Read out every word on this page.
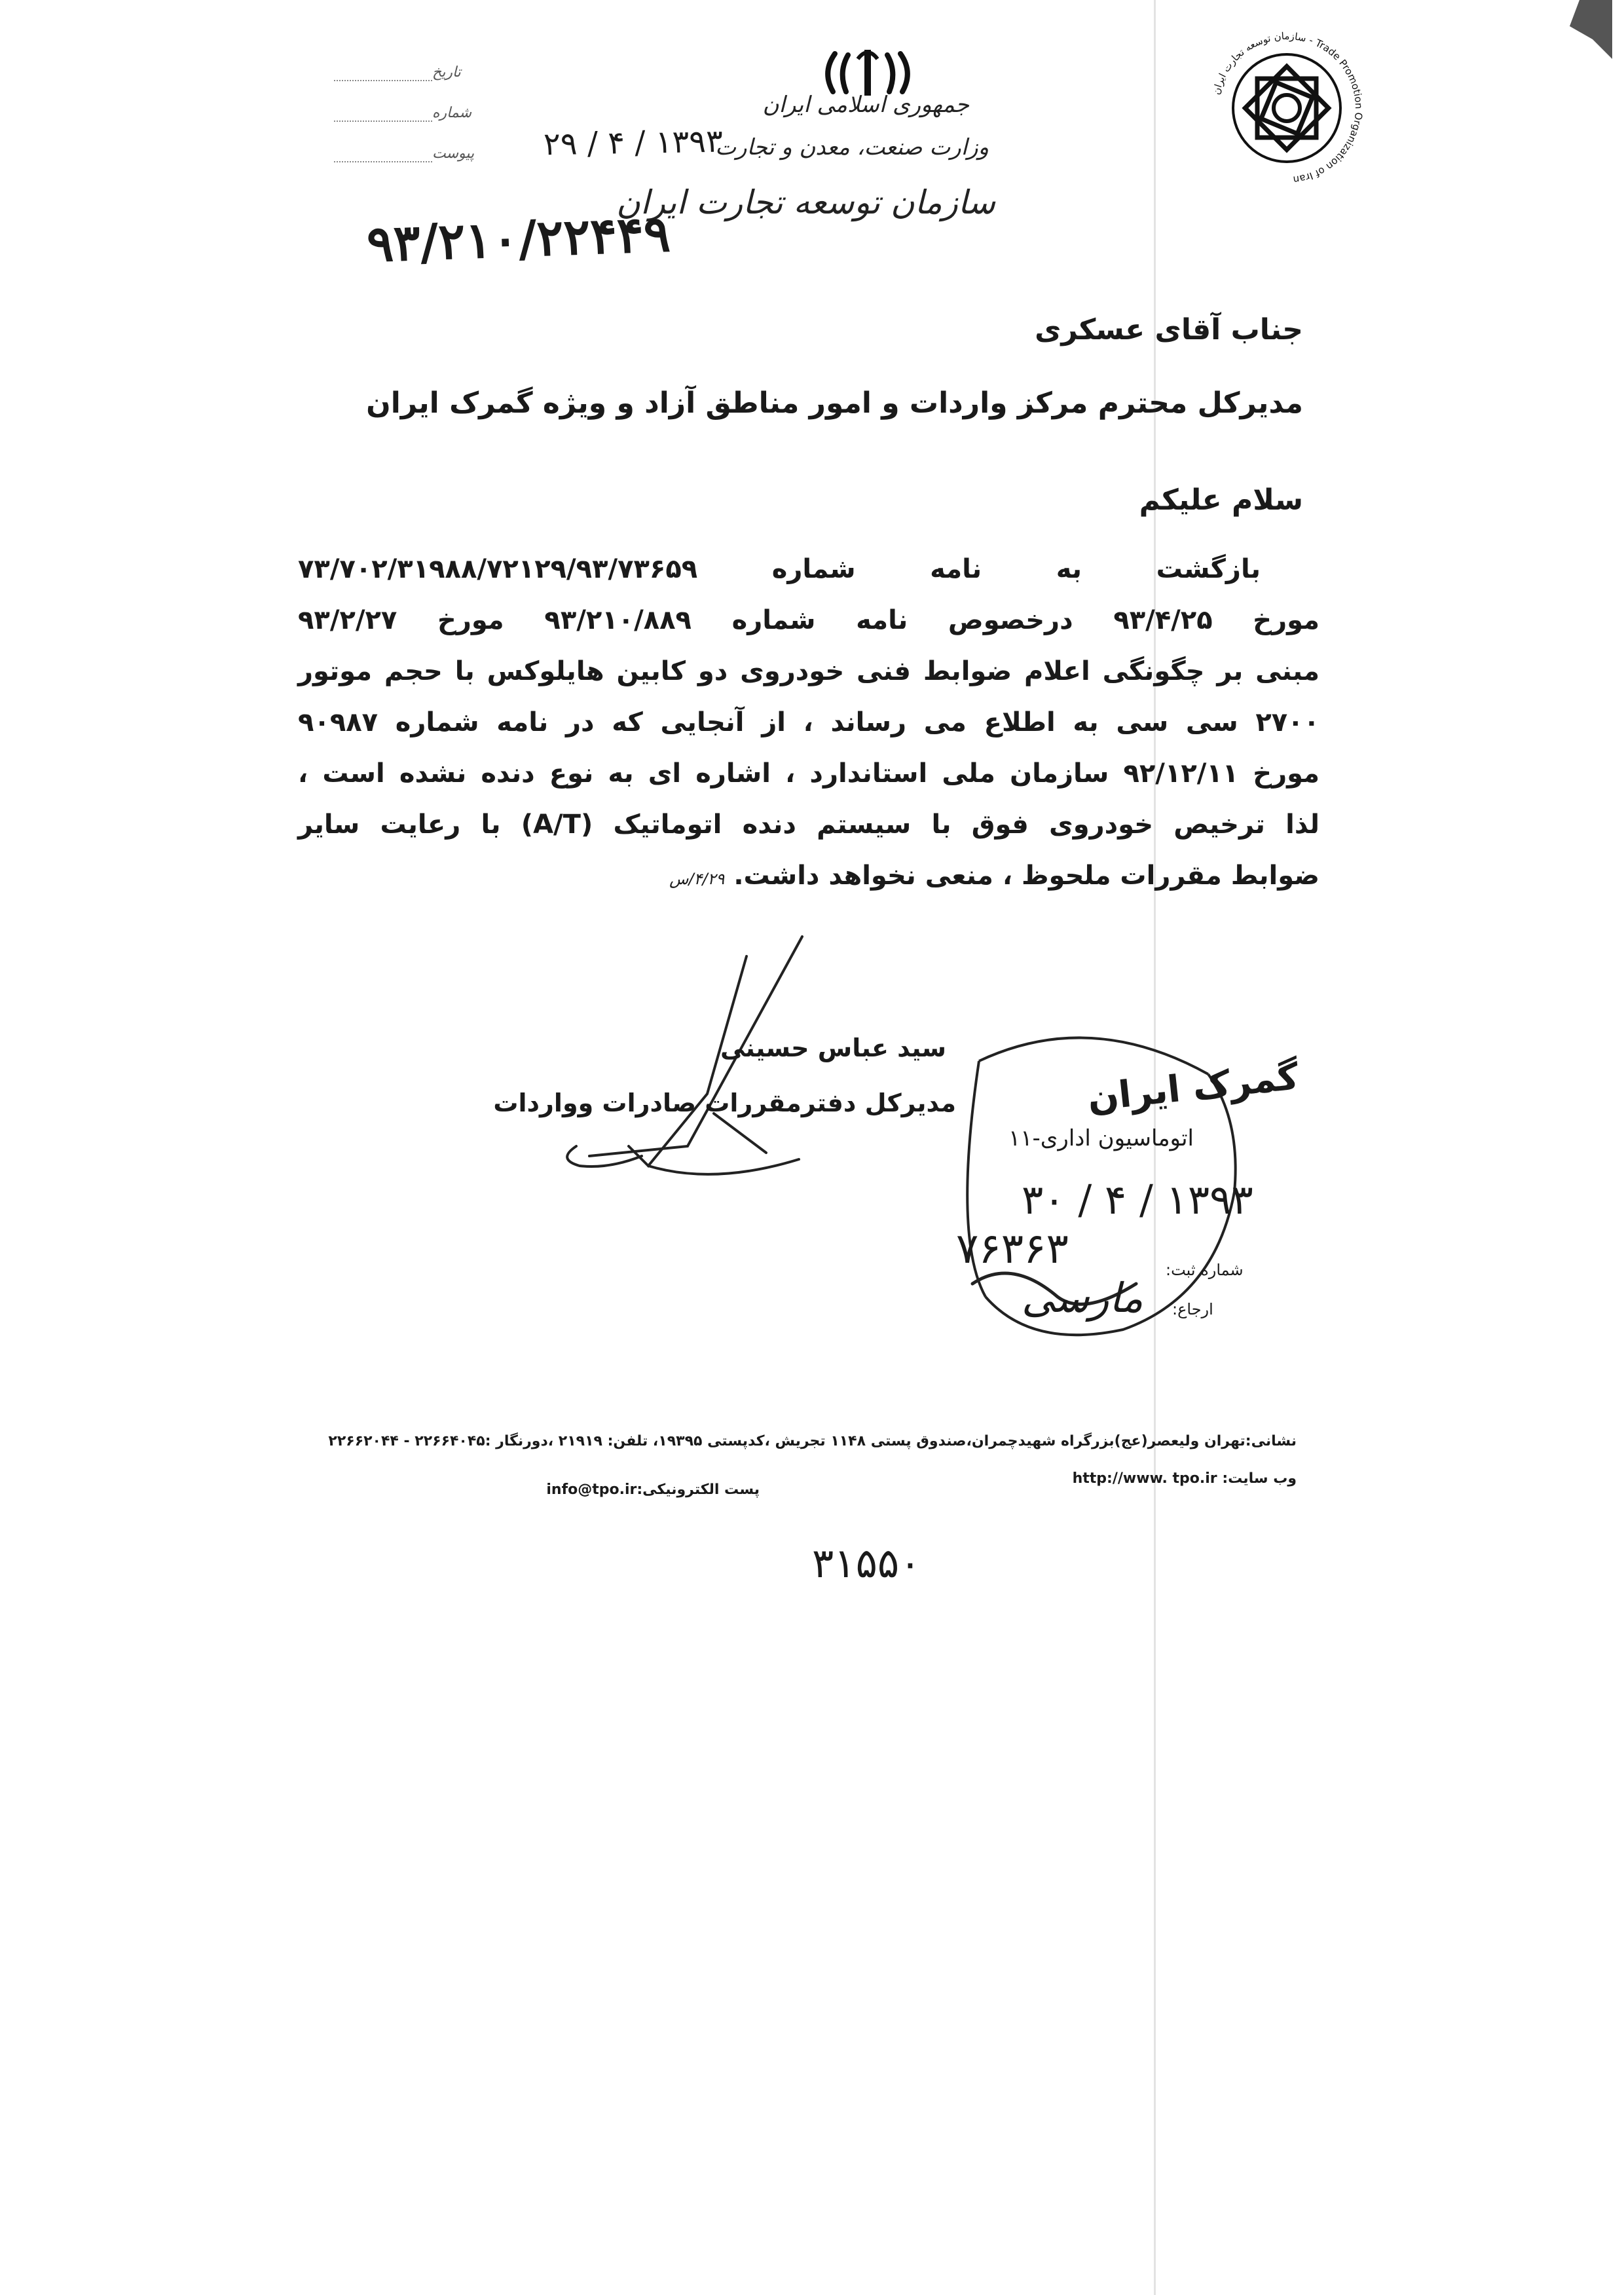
جمهوری اسلامی ایران
وزارت صنعت، معدن و تجارت
سازمان توسعه تجارت ایران
سازمان توسعه تجارت ایران - Trade Promotion Organization of Iran
تاریخ
شماره
پیوست ۱۳۹۳ / ۴ / ۲۹
۹۳/۲۱۰/۲۲۴۴۹
جناب آقای عسکری
مدیرکل محترم مرکز واردات و امور مناطق آزاد و ویژه گمرک ایران
سلام علیکم
بازگشت به نامه شماره ۷۳/۷۰۲/۳۱۹۸۸/۷۲۱۲۹/۹۳/۷۳۶۵۹
مورخ ۹۳/۴/۲۵ درخصوص نامه شماره ۹۳/۲۱۰/۸۸۹ مورخ ۹۳/۲/۲۷
مبنی بر چگونگی اعلام ضوابط فنی خودروی دو کابین هایلوکس با حجم موتور
۲۷۰۰ سی سی به اطلاع می رساند ، از آنجایی که در نامه شماره ۹۰۹۸۷
مورخ ۹۲/۱۲/۱۱ سازمان ملی استاندارد ، اشاره ای به نوع دنده نشده است ،
لذا ترخیص خودروی فوق با سیستم دنده اتوماتیک (A/T) با رعایت سایر
ضوابط مقررات ملحوظ ، منعی نخواهد داشت.۴/۲۹/س
سید عباس حسینی
مدیرکل دفترمقررات صادرات وواردات	گمرک ایران
اتوماسیون اداری-۱۱
۱۳۹۳ / ۴ / ۳۰
۷۶۳۶۳	شماره ثبت:
ارجاع:
مارسی
نشانی:تهران ولیعصر(عج)بزرگراه شهیدچمران،صندوق پستی ۱۱۴۸ تجریش ،کدپستی ۱۹۳۹۵، تلفن: ۲۱۹۱۹ ،دورنگار :۲۲۶۶۴۰۴۵ - ۲۲۶۶۲۰۴۴
وب سایت: http://www. tpo.ir
پست الکترونیکی:info@tpo.ir
۳۱۵۵۰
